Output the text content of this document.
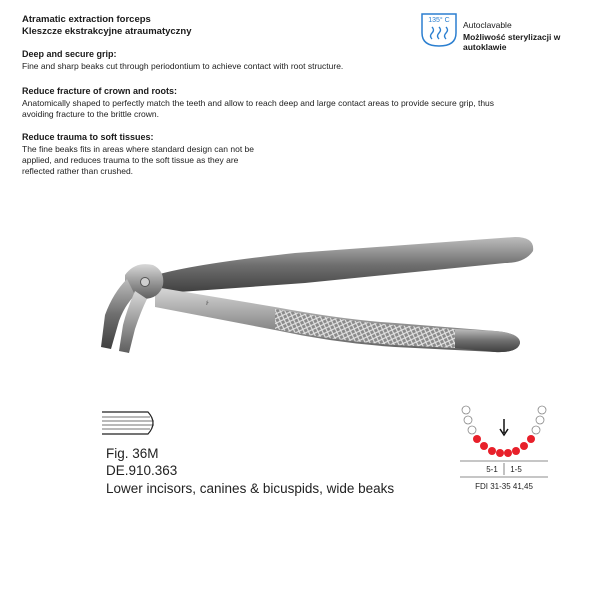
Atramatic extraction forceps
Kleszcze ekstrakcyjne atraumatyczny
135° C Autoclavable
Możliwość sterylizacji w autoklawie
Deep and secure grip:
Fine and sharp beaks cut through periodontium to achieve contact with root structure.
Reduce fracture of crown and roots:
Anatomically shaped to perfectly match the teeth and allow to reach deep and large contact areas to provide secure grip, thus
avoiding fracture to the brittle crown.
Reduce trauma to soft tissues:
The fine beaks fits in areas where standard design can not be
applied, and reduces trauma to the soft tissue as they are
reflected rather than crushed.
⚕
Fig. 36M
DE.910.363
Lower incisors, canines & bicuspids, wide beaks
5-1 1-5
FDI 31-35 41,45
